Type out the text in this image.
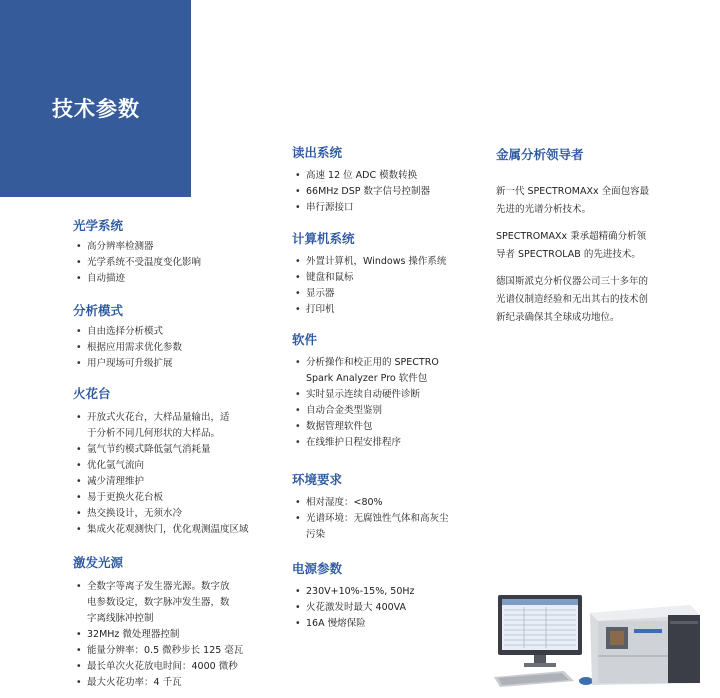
技术参数
光学系统
• 高分辨率检测器
• 光学系统不受温度变化影响
• 自动描迹
分析模式
• 自由选择分析模式
• 根据应用需求优化参数
• 用户现场可升级扩展
火花台
• 开放式火花台，大样品量输出，适
于分析不同几何形状的大样品。
• 氩气节约模式降低氩气消耗量
• 优化氩气流向
• 减少清理维护
• 易于更换火花台板
• 热交换设计，无须水冷
• 集成火花观测快门，优化观测温度区域
激发光源
• 全数字等离子发生器光源。数字放
电参数设定，数字脉冲发生器，数
字离线脉冲控制
• 32MHz 微处理器控制
• 能量分辨率：0.5 微秒步长 125 毫瓦
• 最长单次火花放电时间：4000 微秒
• 最大火花功率：4 千瓦
读出系统
• 高速 12 位 ADC 模数转换
• 66MHz DSP 数字信号控制器
• 串行源接口
计算机系统
• 外置计算机，Windows 操作系统
• 键盘和鼠标
• 显示器
• 打印机
软件
• 分析操作和校正用的 SPECTRO
Spark Analyzer Pro 软件包
• 实时显示连续自动硬件诊断
• 自动合金类型鉴别
• 数据管理软件包
• 在线维护日程安排程序
环境要求
• 相对湿度：<80%
• 光谱环境：无腐蚀性气体和高灰尘
污染
电源参数
• 230V+10%-15%, 50Hz
• 火花激发时最大 400VA
• 16A 慢熔保险
金属分析领导者

新一代 SPECTROMAXx 全面包容最

先进的光谱分析技术。

SPECTROMAXx 秉承超精确分析领

导者 SPECTROLAB 的先进技术。

德国斯派克分析仪器公司三十多年的

光谱仪制造经验和无出其右的技术创

新纪录确保其全球成功地位。
